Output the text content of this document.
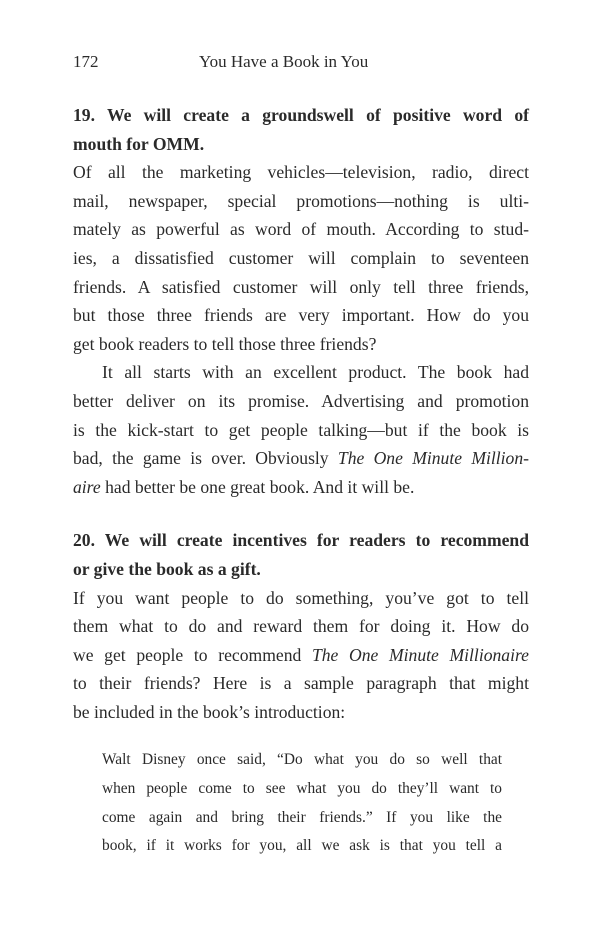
172	You Have a Book in You
19. We will create a groundswell of positive word of
mouth for OMM.
Of all the marketing vehicles—television, radio, direct
mail, newspaper, special promotions—nothing is ulti-
mately as powerful as word of mouth. According to stud-
ies, a dissatisfied customer will complain to seventeen
friends. A satisfied customer will only tell three friends,
but those three friends are very important. How do you
get book readers to tell those three friends?
It all starts with an excellent product. The book had
better deliver on its promise. Advertising and promotion
is the kick-start to get people talking—but if the book is
bad, the game is over. Obviously The One Minute Million-
aire had better be one great book. And it will be.
20. We will create incentives for readers to recommend
or give the book as a gift.
If you want people to do something, you’ve got to tell
them what to do and reward them for doing it. How do
we get people to recommend The One Minute Millionaire
to their friends? Here is a sample paragraph that might
be included in the book’s introduction:
Walt Disney once said, “Do what you do so well that
when people come to see what you do they’ll want to
come again and bring their friends.” If you like the
book, if it works for you, all we ask is that you tell a
